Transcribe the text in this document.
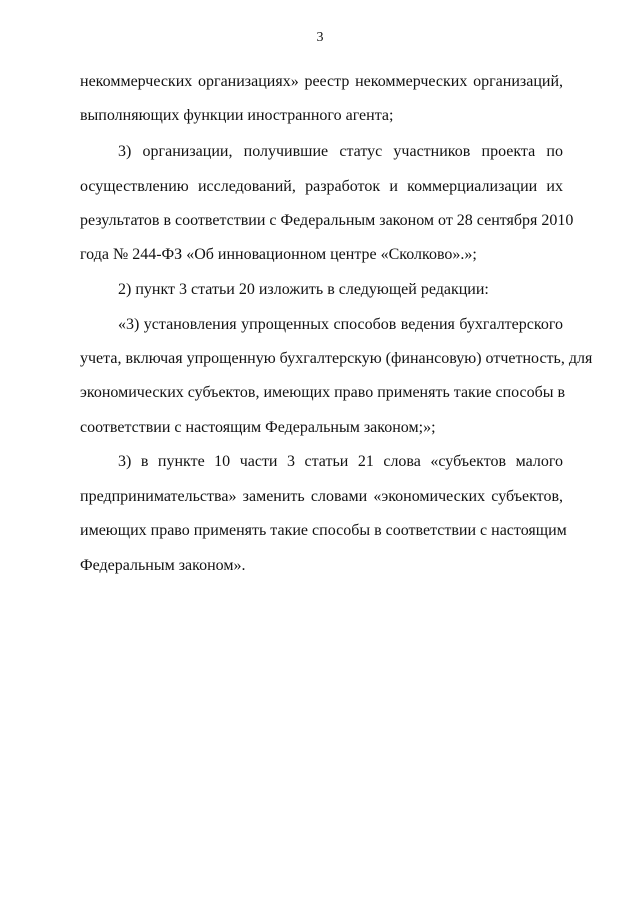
3
некоммерческих организациях» реестр некоммерческих организаций,
выполняющих функции иностранного агента;
3) организации, получившие статус участников проекта по
осуществлению исследований, разработок и коммерциализации их
результатов в соответствии с Федеральным законом от 28 сентября 2010
года № 244-ФЗ «Об инновационном центре «Сколково».»;
2) пункт 3 статьи 20 изложить в следующей редакции:
«3) установления упрощенных способов ведения бухгалтерского
учета, включая упрощенную бухгалтерскую (финансовую) отчетность, для
экономических субъектов, имеющих право применять такие способы в
соответствии с настоящим Федеральным законом;»;
3) в пункте 10 части 3 статьи 21 слова «субъектов малого
предпринимательства» заменить словами «экономических субъектов,
имеющих право применять такие способы в соответствии с настоящим
Федеральным законом».
